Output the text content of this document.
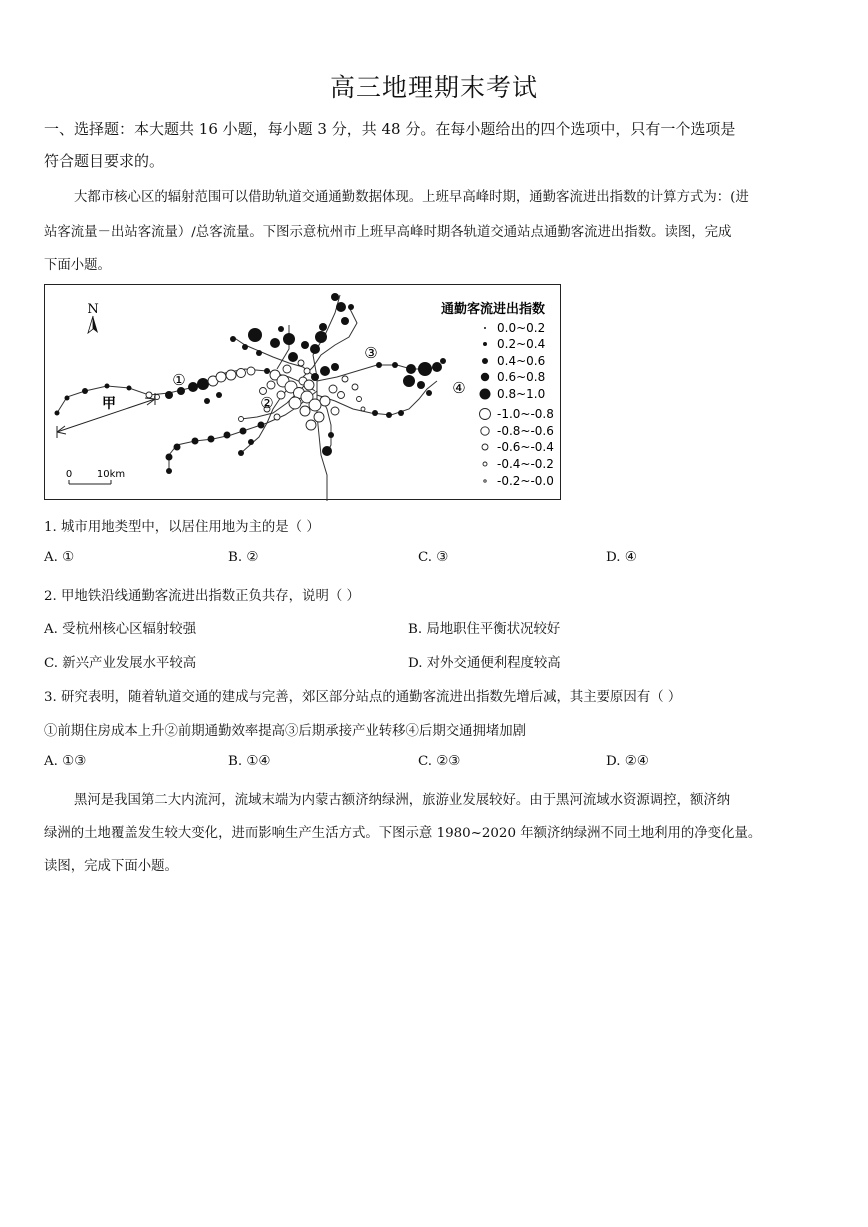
高三地理期末考试
一、选择题：本大题共 16 小题，每小题 3 分，共 48 分。在每小题给出的四个选项中，只有一个选项是
符合题目要求的。
大都市核心区的辐射范围可以借助轨道交通通勤数据体现。上班早高峰时期，通勤客流进出指数的计算方式为：(进
站客流量－出站客流量）/总客流量。下图示意杭州市上班早高峰时期各轨道交通站点通勤客流进出指数。读图，完成
下面小题。
N
甲
①
②
③
④
0 10km
通勤客流进出指数
0.0~0.2
0.2~0.4
0.4~0.6
0.6~0.8
0.8~1.0
-1.0~-0.8
-0.8~-0.6
-0.6~-0.4
-0.4~-0.2
-0.2~-0.0
1. 城市用地类型中，以居住用地为主的是（ ）
A. ①	B. ②	C. ③	D. ④
2. 甲地铁沿线通勤客流进出指数正负共存，说明（ ）
A. 受杭州核心区辐射较强	B. 局地职住平衡状况较好
C. 新兴产业发展水平较高	D. 对外交通便利程度较高
3. 研究表明，随着轨道交通的建成与完善，郊区部分站点的通勤客流进出指数先增后减，其主要原因有（ ）
①前期住房成本上升②前期通勤效率提高③后期承接产业转移④后期交通拥堵加剧
A. ①③	B. ①④	C. ②③	D. ②④
黑河是我国第二大内流河，流域末端为内蒙古额济纳绿洲，旅游业发展较好。由于黑河流域水资源调控，额济纳
绿洲的土地覆盖发生较大变化，进而影响生产生活方式。下图示意 1980~2020 年额济纳绿洲不同土地利用的净变化量。
读图，完成下面小题。
